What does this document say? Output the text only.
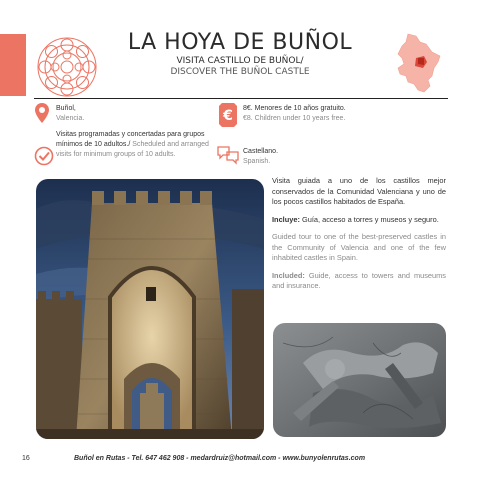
LA HOYA DE BUÑOL
VISITA CASTILLO DE BUÑOL/
DISCOVER THE BUÑOL CASTLE
Buñol,
Valencia.	€ 8€. Menores de 10 años gratuito.
€8. Children under 10 years free.
Visitas programadas y concertadas para grupos mínimos de 10 adultos./ Scheduled and arranged visits for minimum groups of 10 adults.	Castellano.
Spanish.

Visita guiada a uno de los castillos mejor conservados de la Comunidad Valenciana y uno de los pocos castillos habitados de España.

Incluye: Guía, acceso a torres y museos y seguro.

Guided tour to one of the best-preserved castles in the Community of Valencia and one of the few inhabited castles in Spain.

Included: Guide, access to towers and museums and insurance.

16	Buñol en Rutas - Tel. 647 462 908 - medardruiz@hotmail.com - www.bunyolenrutas.com
